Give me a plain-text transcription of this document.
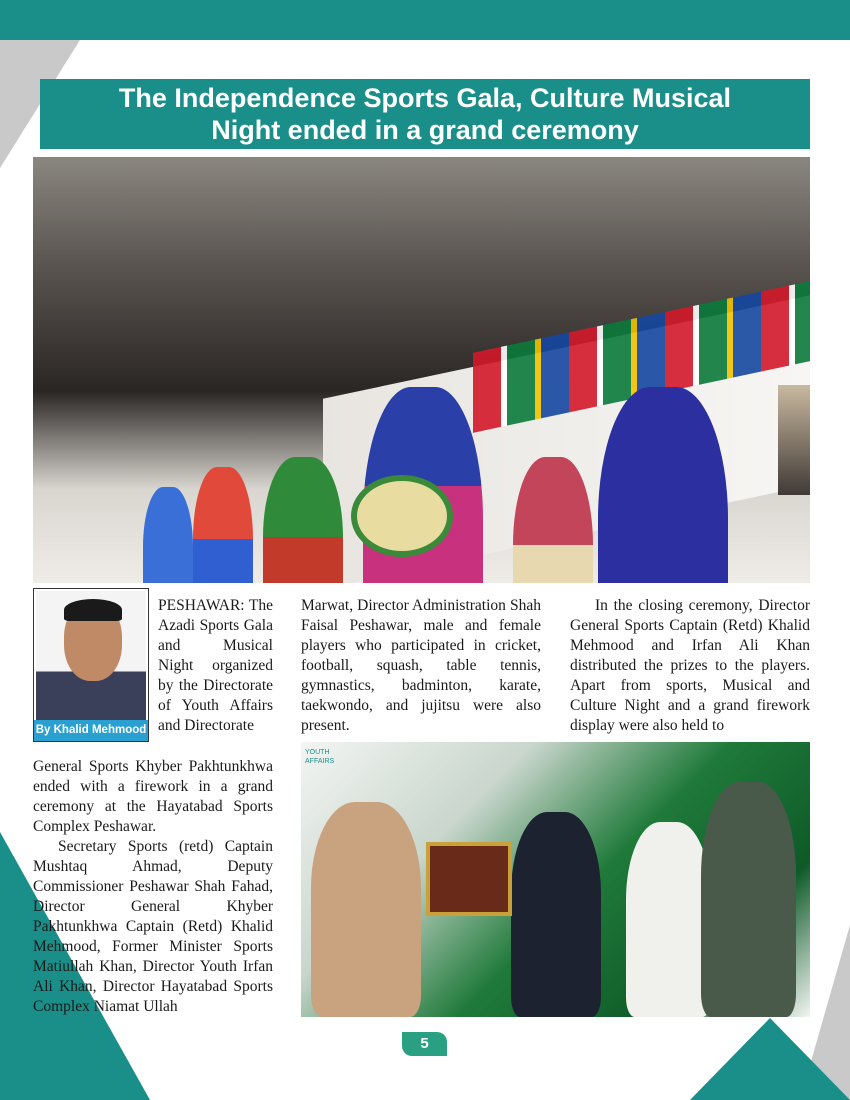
The Independence Sports Gala, Culture Musical
Night ended in a grand ceremony
By Khalid Mehmood
PESHAWAR: The Azadi Sports Gala and Musical Night organized by the Directorate of Youth Affairs and Directorate
General Sports Khyber Pakhtunkhwa ended with a firework in a grand ceremony at the Hayatabad Sports Complex Peshawar.
Secretary Sports (retd) Captain Mushtaq Ahmad, Deputy Commissioner Peshawar Shah Fahad, Director General Khyber Pakhtunkhwa Captain (Retd) Khalid Mehmood, Former Minister Sports Matiullah Khan, Director Youth Irfan Ali Khan, Director Hayatabad Sports Complex Niamat Ullah
Marwat, Director Administration Shah Faisal Peshawar, male and female players who participated in cricket, football, squash, table tennis, gymnastics, badminton, karate, taekwondo, and jujitsu were also present.
In the closing ceremony, Director General Sports Captain (Retd) Khalid Mehmood and Irfan Ali Khan distributed the prizes to the players. Apart from sports, Musical and Culture Night and a grand firework display were also held to
YOUTH AFFAIRS
5
